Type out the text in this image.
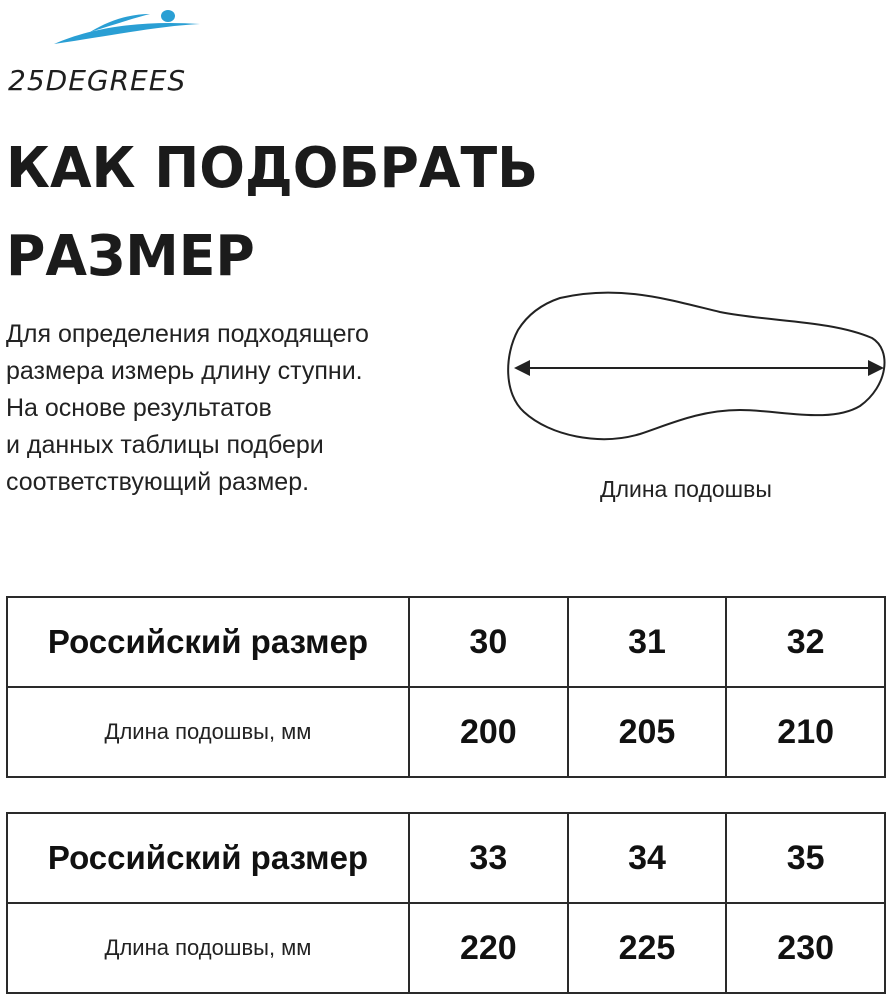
25DEGREES
КАК ПОДОБРАТЬ
РАЗМЕР
Для определения подходящего
размера измерь длину ступни.
На основе результатов
и данных таблицы подбери
соответствующий размер.	Длина подошвы
Российский размер	30	31	32
Длина подошвы, мм	200	205	210
Российский размер	33	34	35
Длина подошвы, мм	220	225	230
